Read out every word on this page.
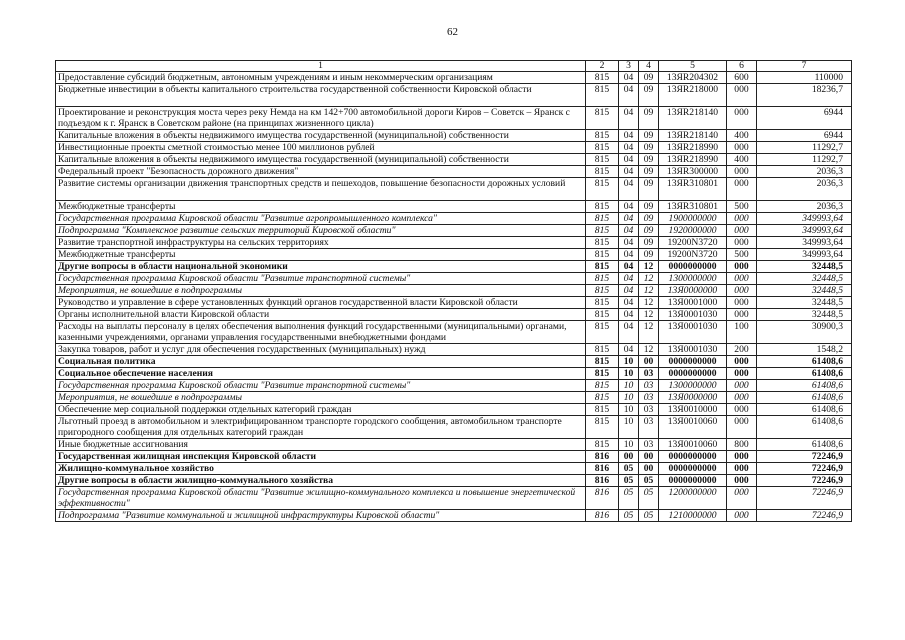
62
1	2	3	4	5	6	7
Предоставление субсидий бюджетным, автономным учреждениям и иным некоммерческим организациям	815	04	09	13ЯR204302	600	110000
Бюджетные инвестиции в объекты капитального строительства государственной собственности Кировской области	815	04	09	13ЯR218000	000	18236,7
Проектирование и реконструкция моста через реку Немда на км 142+700 автомобильной дороги Киров – Советск – Яранск с подъездом к г. Яранск в Советском районе (на принципах жизненного цикла)	815	04	09	13ЯR218140	000	6944
Капитальные вложения в объекты недвижимого имущества государственной (муниципальной) собственности	815	04	09	13ЯR218140	400	6944
Инвестиционные проекты сметной стоимостью менее 100 миллионов рублей	815	04	09	13ЯR218990	000	11292,7
Капитальные вложения в объекты недвижимого имущества государственной (муниципальной) собственности	815	04	09	13ЯR218990	400	11292,7
Федеральный проект "Безопасность дорожного движения"	815	04	09	13ЯR300000	000	2036,3
Развитие системы организации движения транспортных средств и пешеходов, повышение безопасности дорожных условий	815	04	09	13ЯR310801	000	2036,3
Межбюджетные трансферты	815	04	09	13ЯR310801	500	2036,3
Государственная программа Кировской области "Развитие агропромышленного комплекса"	815	04	09	1900000000	000	349993,64
Подпрограмма "Комплексное развитие сельских территорий Кировской области"	815	04	09	1920000000	000	349993,64
Развитие транспортной инфраструктуры на сельских территориях	815	04	09	19200N3720	000	349993,64
Межбюджетные трансферты	815	04	09	19200N3720	500	349993,64
Другие вопросы в области национальной экономики	815	04	12	0000000000	000	32448,5
Государственная программа Кировской области "Развитие транспортной системы"	815	04	12	1300000000	000	32448,5
Мероприятия, не вошедшие в подпрограммы	815	04	12	13Я0000000	000	32448,5
Руководство и управление в сфере установленных функций органов государственной власти Кировской области	815	04	12	13Я0001000	000	32448,5
Органы исполнительной власти Кировской области	815	04	12	13Я0001030	000	32448,5
Расходы на выплаты персоналу в целях обеспечения выполнения функций государственными (муниципальными) органами, казенными учреждениями, органами управления государственными внебюджетными фондами	815	04	12	13Я0001030	100	30900,3
Закупка товаров, работ и услуг для обеспечения государственных (муниципальных) нужд	815	04	12	13Я0001030	200	1548,2
Социальная политика	815	10	00	0000000000	000	61408,6
Социальное обеспечение населения	815	10	03	0000000000	000	61408,6
Государственная программа Кировской области "Развитие транспортной системы"	815	10	03	1300000000	000	61408,6
Мероприятия, не вошедшие в подпрограммы	815	10	03	13Я0000000	000	61408,6
Обеспечение мер социальной поддержки отдельных категорий граждан	815	10	03	13Я0010000	000	61408,6
Льготный проезд в автомобильном и электрифицированном транспорте городского сообщения, автомобильном транспорте пригородного сообщения для отдельных категорий граждан	815	10	03	13Я0010060	000	61408,6
Иные бюджетные ассигнования	815	10	03	13Я0010060	800	61408,6
Государственная жилищная инспекция Кировской области	816	00	00	0000000000	000	72246,9
Жилищно-коммунальное хозяйство	816	05	00	0000000000	000	72246,9
Другие вопросы в области жилищно-коммунального хозяйства	816	05	05	0000000000	000	72246,9
Государственная программа Кировской области "Развитие жилищно-коммунального комплекса и повышение энергетической эффективности"	816	05	05	1200000000	000	72246,9
Подпрограмма "Развитие коммунальной и жилищной инфраструктуры Кировской области"	816	05	05	1210000000	000	72246,9
